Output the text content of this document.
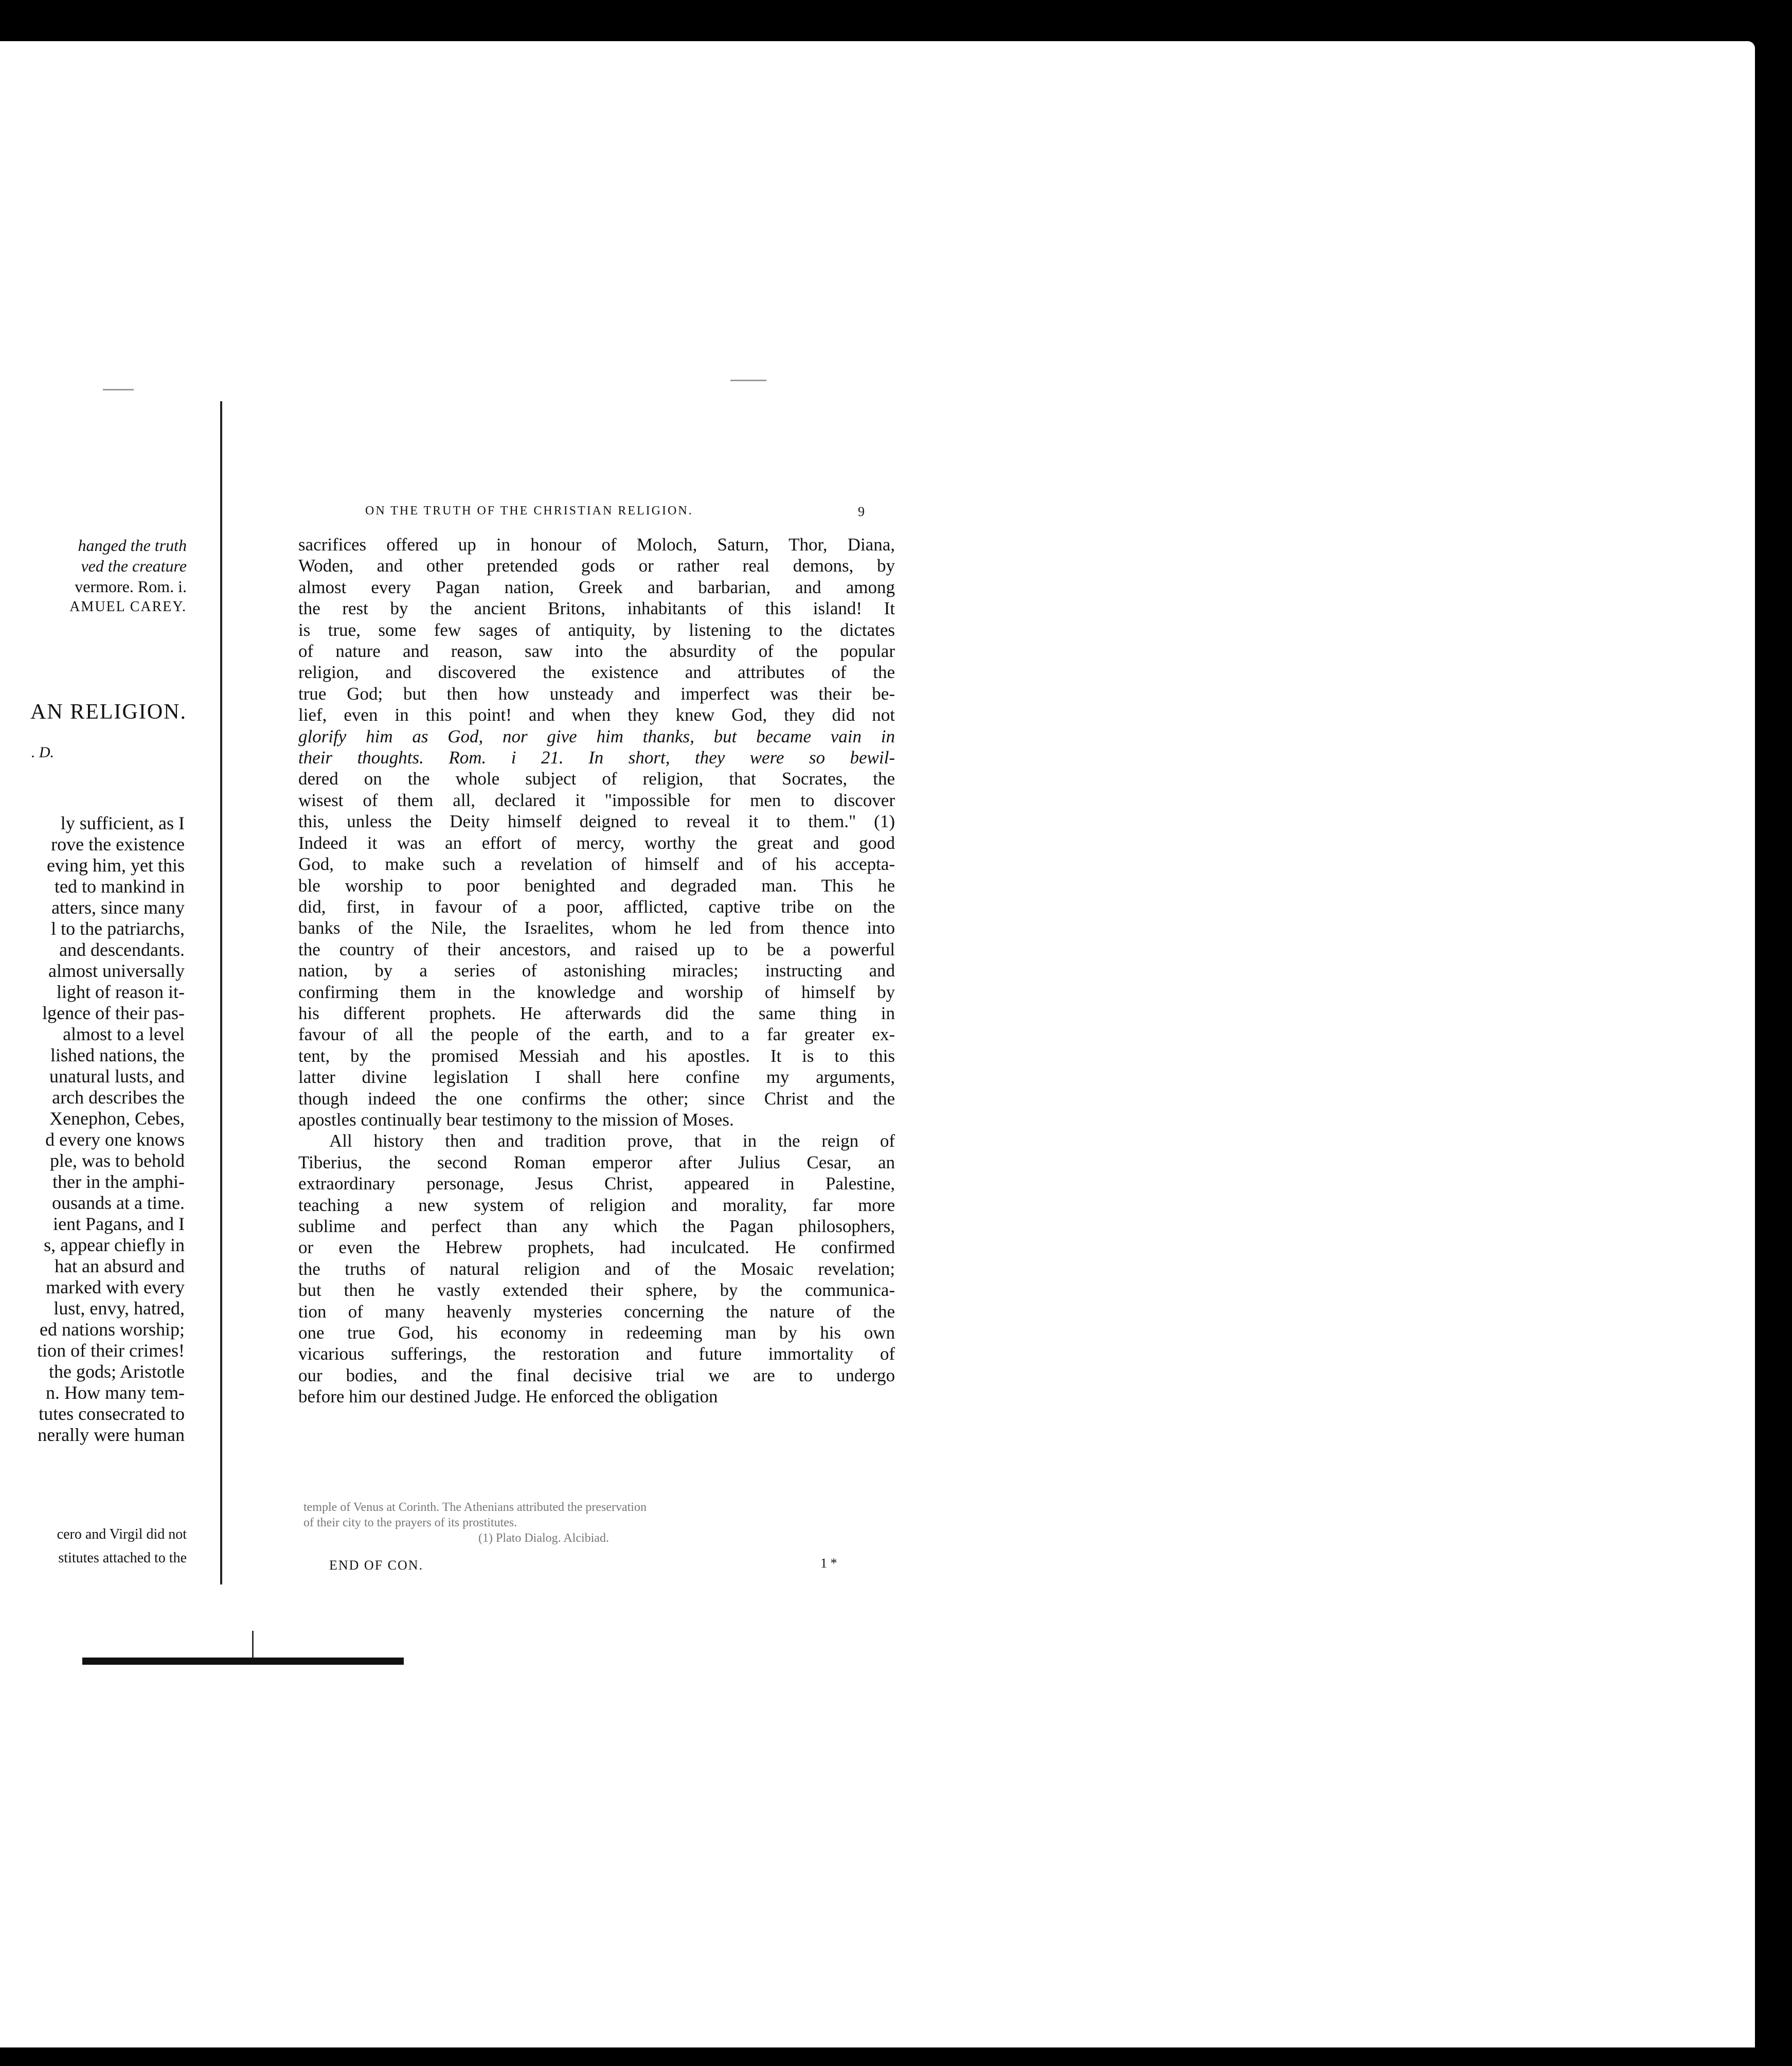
hanged the truth
ved the creature
vermore. Rom. i.
AMUEL CAREY.
AN RELIGION.
. D.
ly sufficient, as I
rove the existence
eving him, yet this
ted to mankind in
atters, since many
l to the patriarchs,
and descendants.
almost universally
light of reason it-
lgence of their pas-
almost to a level
lished nations, the
unatural lusts, and
arch describes the
Xenephon, Cebes,
d every one knows
ple, was to behold
ther in the amphi-
ousands at a time.
ient Pagans, and I
s, appear chiefly in
hat an absurd and
marked with every
lust, envy, hatred,
ed nations worship;
tion of their crimes!
the gods; Aristotle
n. How many tem-
tutes consecrated to
nerally were human
cero and Virgil did not
stitutes attached to the
ON THE TRUTH OF THE CHRISTIAN RELIGION.	9
sacrifices offered up in honour of Moloch, Saturn, Thor, Diana,
Woden, and other pretended gods or rather real demons, by
almost every Pagan nation, Greek and barbarian, and among
the rest by the ancient Britons, inhabitants of this island! It
is true, some few sages of antiquity, by listening to the dictates
of nature and reason, saw into the absurdity of the popular
religion, and discovered the existence and attributes of the
true God; but then how unsteady and imperfect was their be-
lief, even in this point! and when they knew God, they did not
glorify him as God, nor give him thanks, but became vain in
their thoughts. Rom. i 21. In short, they were so bewil-
dered on the whole subject of religion, that Socrates, the
wisest of them all, declared it "impossible for men to discover
this, unless the Deity himself deigned to reveal it to them." (1)
Indeed it was an effort of mercy, worthy the great and good
God, to make such a revelation of himself and of his accepta-
ble worship to poor benighted and degraded man. This he
did, first, in favour of a poor, afflicted, captive tribe on the
banks of the Nile, the Israelites, whom he led from thence into
the country of their ancestors, and raised up to be a powerful
nation, by a series of astonishing miracles; instructing and
confirming them in the knowledge and worship of himself by
his different prophets. He afterwards did the same thing in
favour of all the people of the earth, and to a far greater ex-
tent, by the promised Messiah and his apostles. It is to this
latter divine legislation I shall here confine my arguments,
though indeed the one confirms the other; since Christ and the
apostles continually bear testimony to the mission of Moses.
All history then and tradition prove, that in the reign of
Tiberius, the second Roman emperor after Julius Cesar, an
extraordinary personage, Jesus Christ, appeared in Palestine,
teaching a new system of religion and morality, far more
sublime and perfect than any which the Pagan philosophers,
or even the Hebrew prophets, had inculcated. He confirmed
the truths of natural religion and of the Mosaic revelation;
but then he vastly extended their sphere, by the communica-
tion of many heavenly mysteries concerning the nature of the
one true God, his economy in redeeming man by his own
vicarious sufferings, the restoration and future immortality of
our bodies, and the final decisive trial we are to undergo
before him our destined Judge. He enforced the obligation
temple of Venus at Corinth. The Athenians attributed the preservation
of their city to the prayers of its prostitutes.
(1) Plato Dialog. Alcibiad.
END OF CON.	1 *
